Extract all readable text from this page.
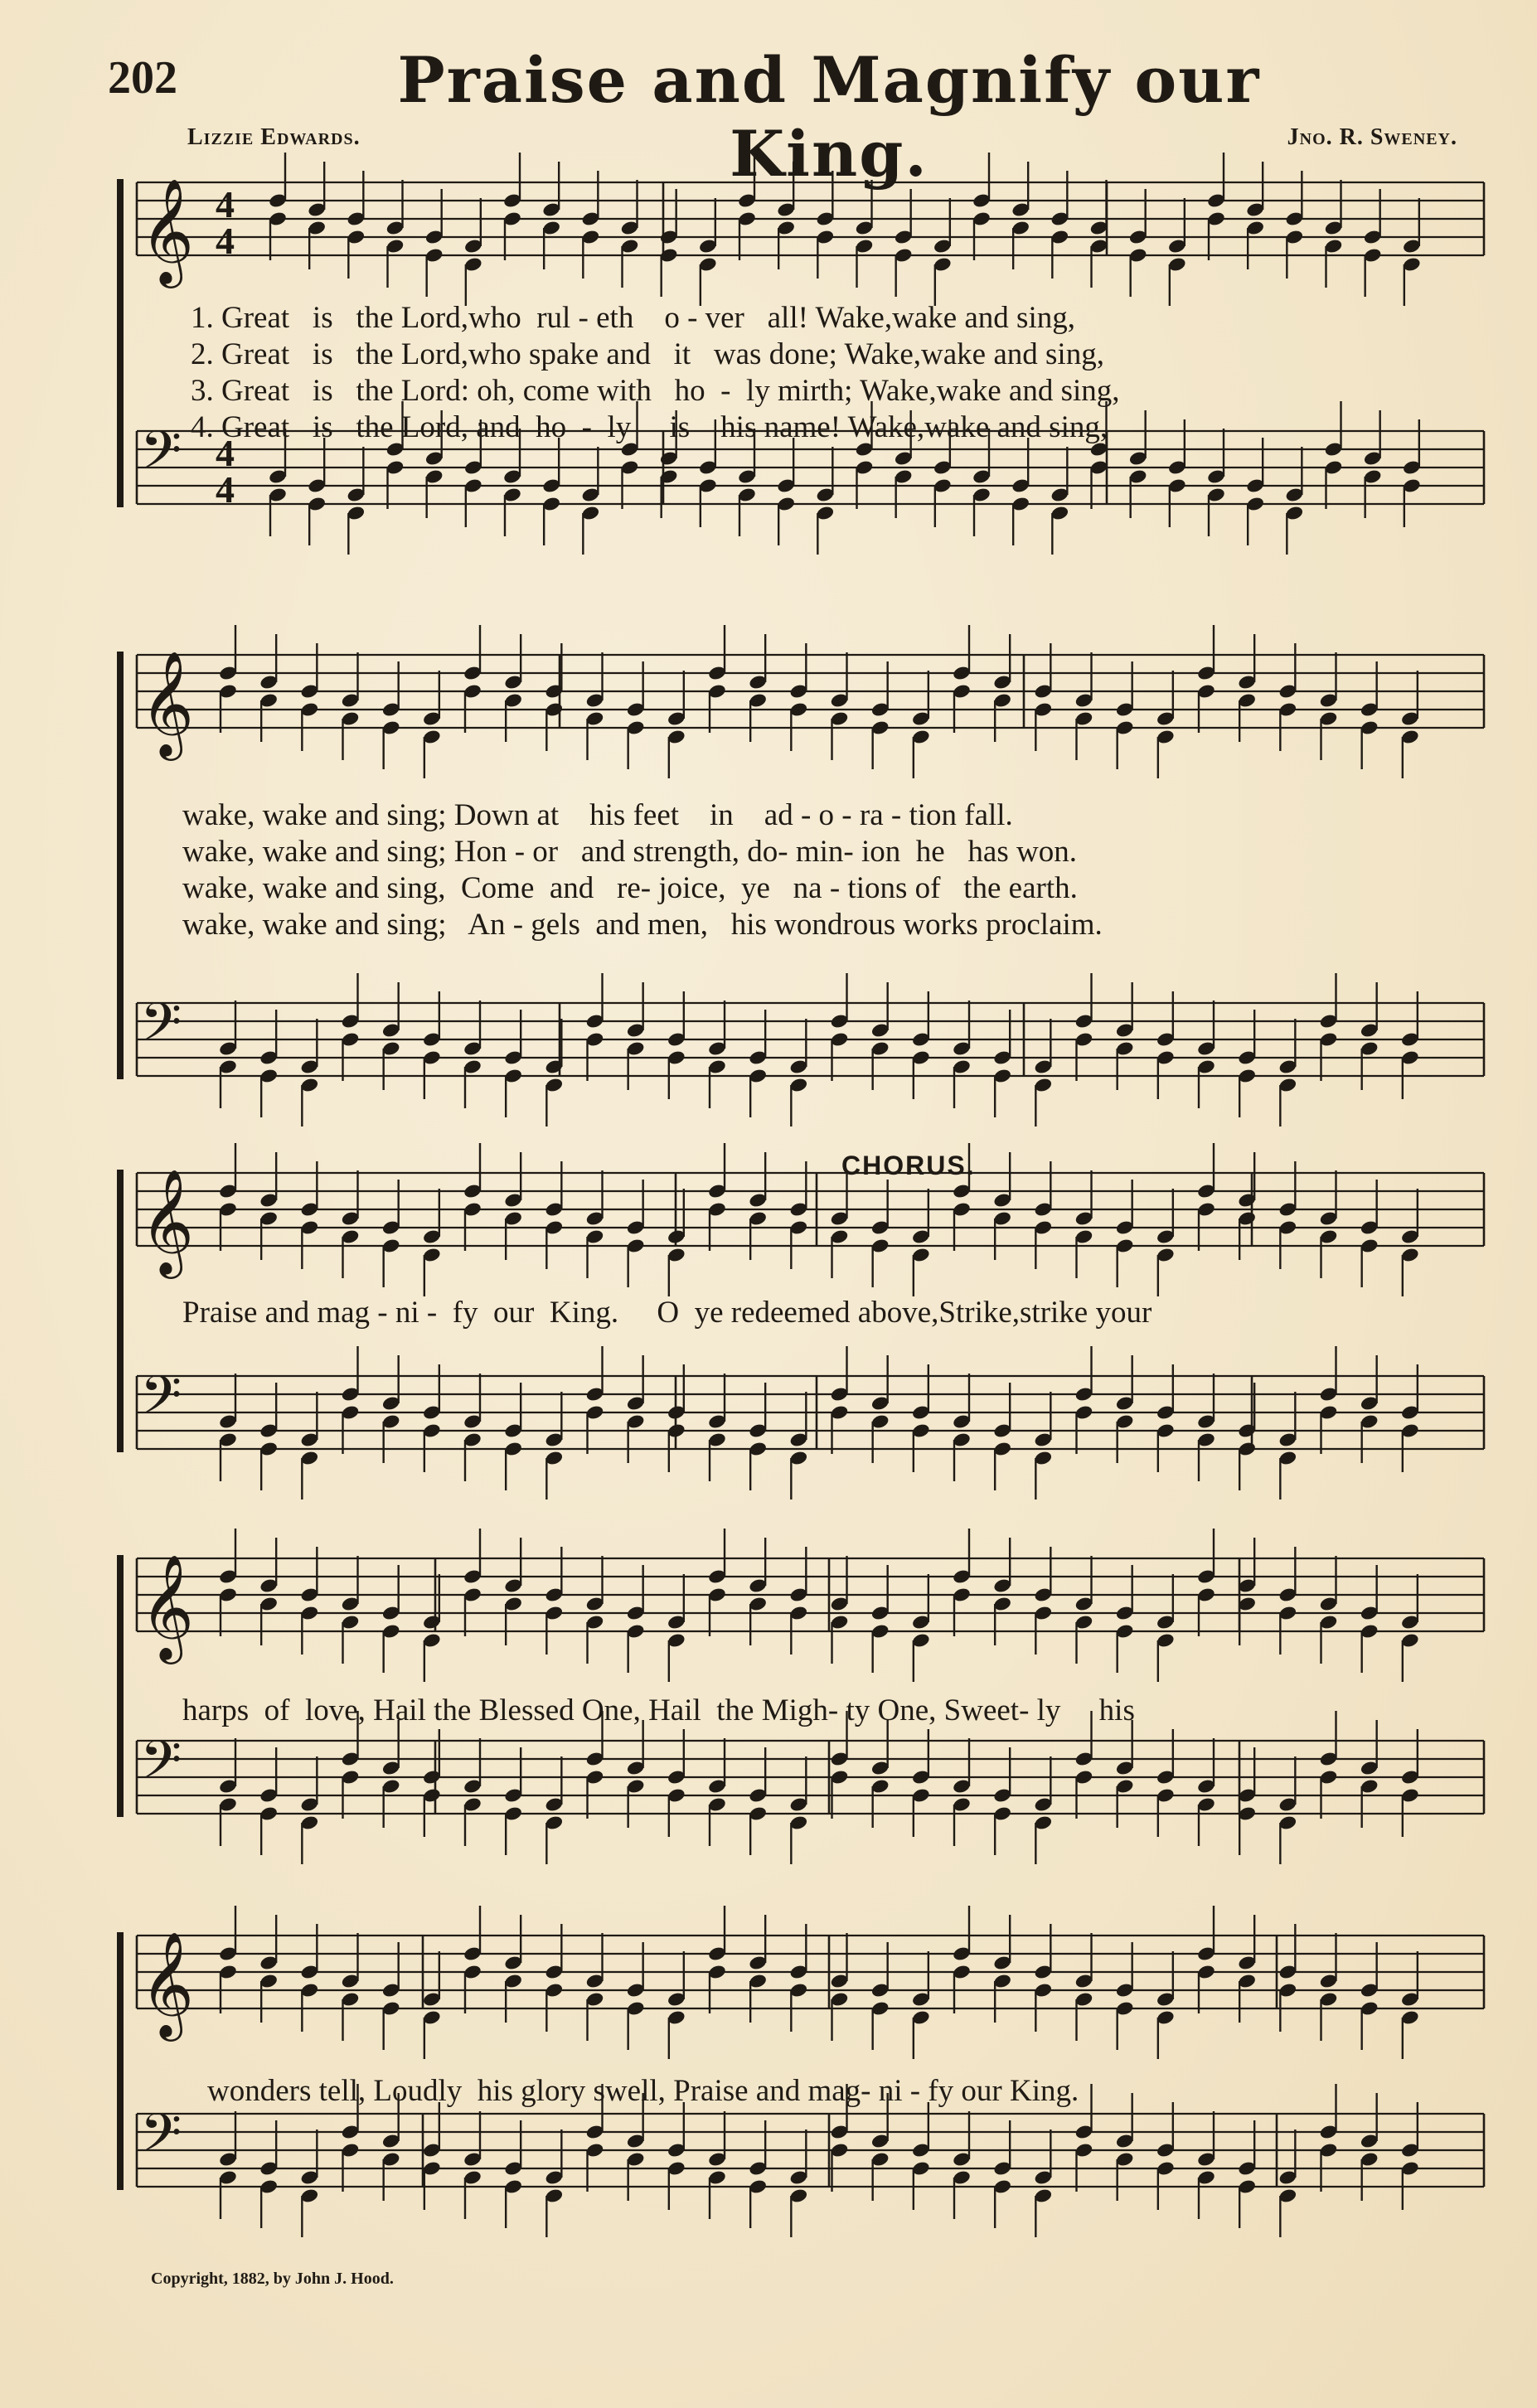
202	Praise and Magnify our King.
Lizzie Edwards.	Jno. R. Sweney.
𝄞 4
4
𝄢 4
4
1. Great   is   the Lord,who  rul - eth    o - ver   all! Wake,wake and sing,
2. Great   is   the Lord,who spake and   it   was done; Wake,wake and sing,
3. Great   is   the Lord: oh, come with   ho  -  ly mirth; Wake,wake and sing,
4. Great   is   the Lord, and  ho  -  ly     is    his name! Wake,wake and sing,
𝄞
𝄢
wake, wake and sing; Down at    his feet    in    ad - o - ra - tion fall.
wake, wake and sing; Hon - or   and strength, do- min- ion  he   has won.
wake, wake and sing,  Come  and   re- joice,  ye   na - tions of   the earth.
wake, wake and sing;   An - gels  and men,   his wondrous works proclaim.
𝄞
𝄢
CHORUS.
Praise and mag - ni -  fy  our  King.     O  ye redeemed above,Strike,strike your
𝄞
𝄢
harps  of  love, Hail the Blessed One, Hail  the Migh- ty One, Sweet- ly     his
𝄞
𝄢
wonders tell, Loudly  his glory swell, Praise and mag- ni - fy our King.
Copyright, 1882, by John J. Hood.
